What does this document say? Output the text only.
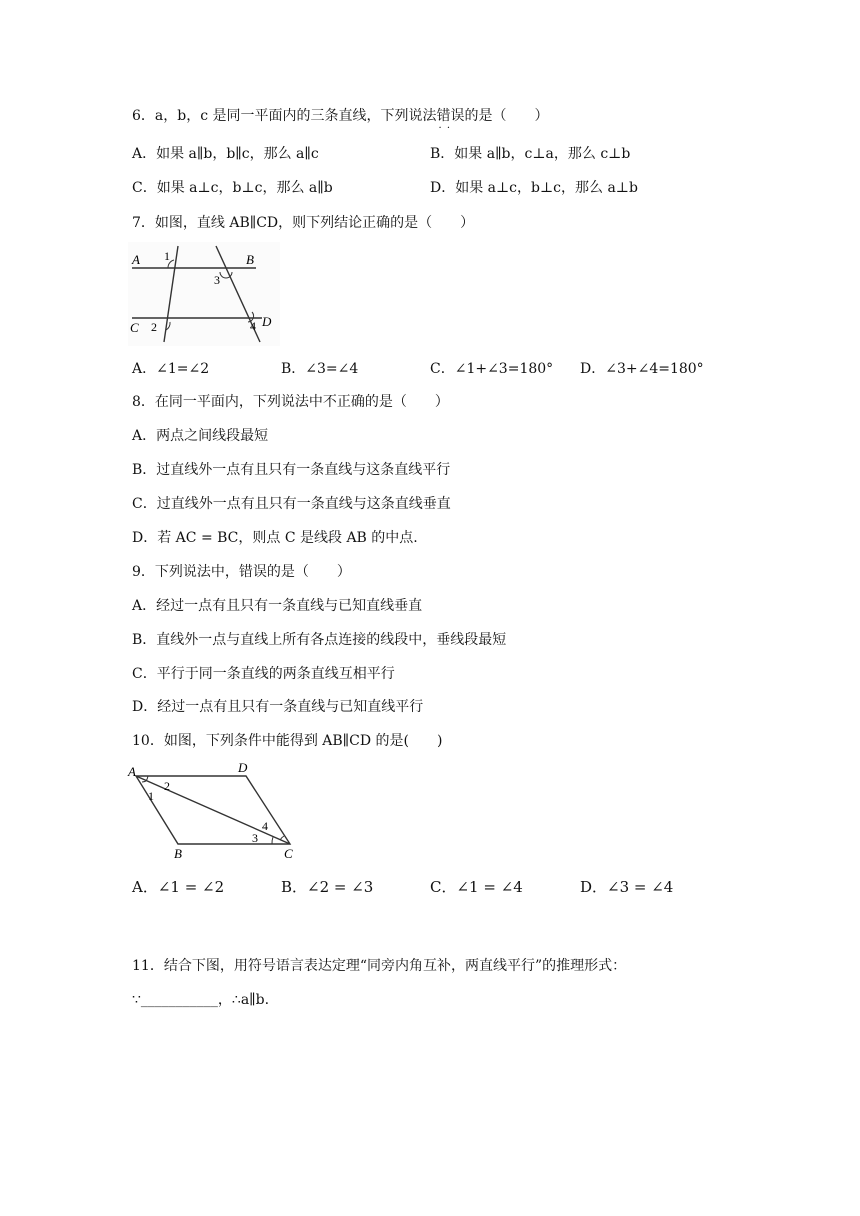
6．a，b，c 是同一平面内的三条直线，下列说法错误 · ·的是（　　）
A．如果 a∥b，b∥c，那么 a∥c	B．如果 a∥b，c⊥a，那么 c⊥b
C．如果 a⊥c，b⊥c，那么 a∥b	D．如果 a⊥c，b⊥c，那么 a⊥b
7．如图，直线 AB∥CD，则下列结论正确的是（　　）
A	B
C	D
1
2
3
4
A．∠1=∠2	B．∠3=∠4	C．∠1+∠3=180° D．∠3+∠4=180°
8．在同一平面内，下列说法中不正确的是（　　）
A．两点之间线段最短
B．过直线外一点有且只有一条直线与这条直线平行
C．过直线外一点有且只有一条直线与这条直线垂直
D．若 AC = BC，则点 C 是线段 AB 的中点.
9．下列说法中，错误的是（　　）
A．经过一点有且只有一条直线与已知直线垂直
B．直线外一点与直线上所有各点连接的线段中，垂线段最短
C．平行于同一条直线的两条直线互相平行
D．经过一点有且只有一条直线与已知直线平行
10．如图，下列条件中能得到 AB∥CD 的是(　　)
A	D
B	C
1
2
3
4
A．∠1 = ∠2	B．∠2 = ∠3	C．∠1 = ∠4	D．∠3 = ∠4
11．结合下图，用符号语言表达定理“同旁内角互补，两直线平行”的推理形式：
∵___________，∴a∥b.
